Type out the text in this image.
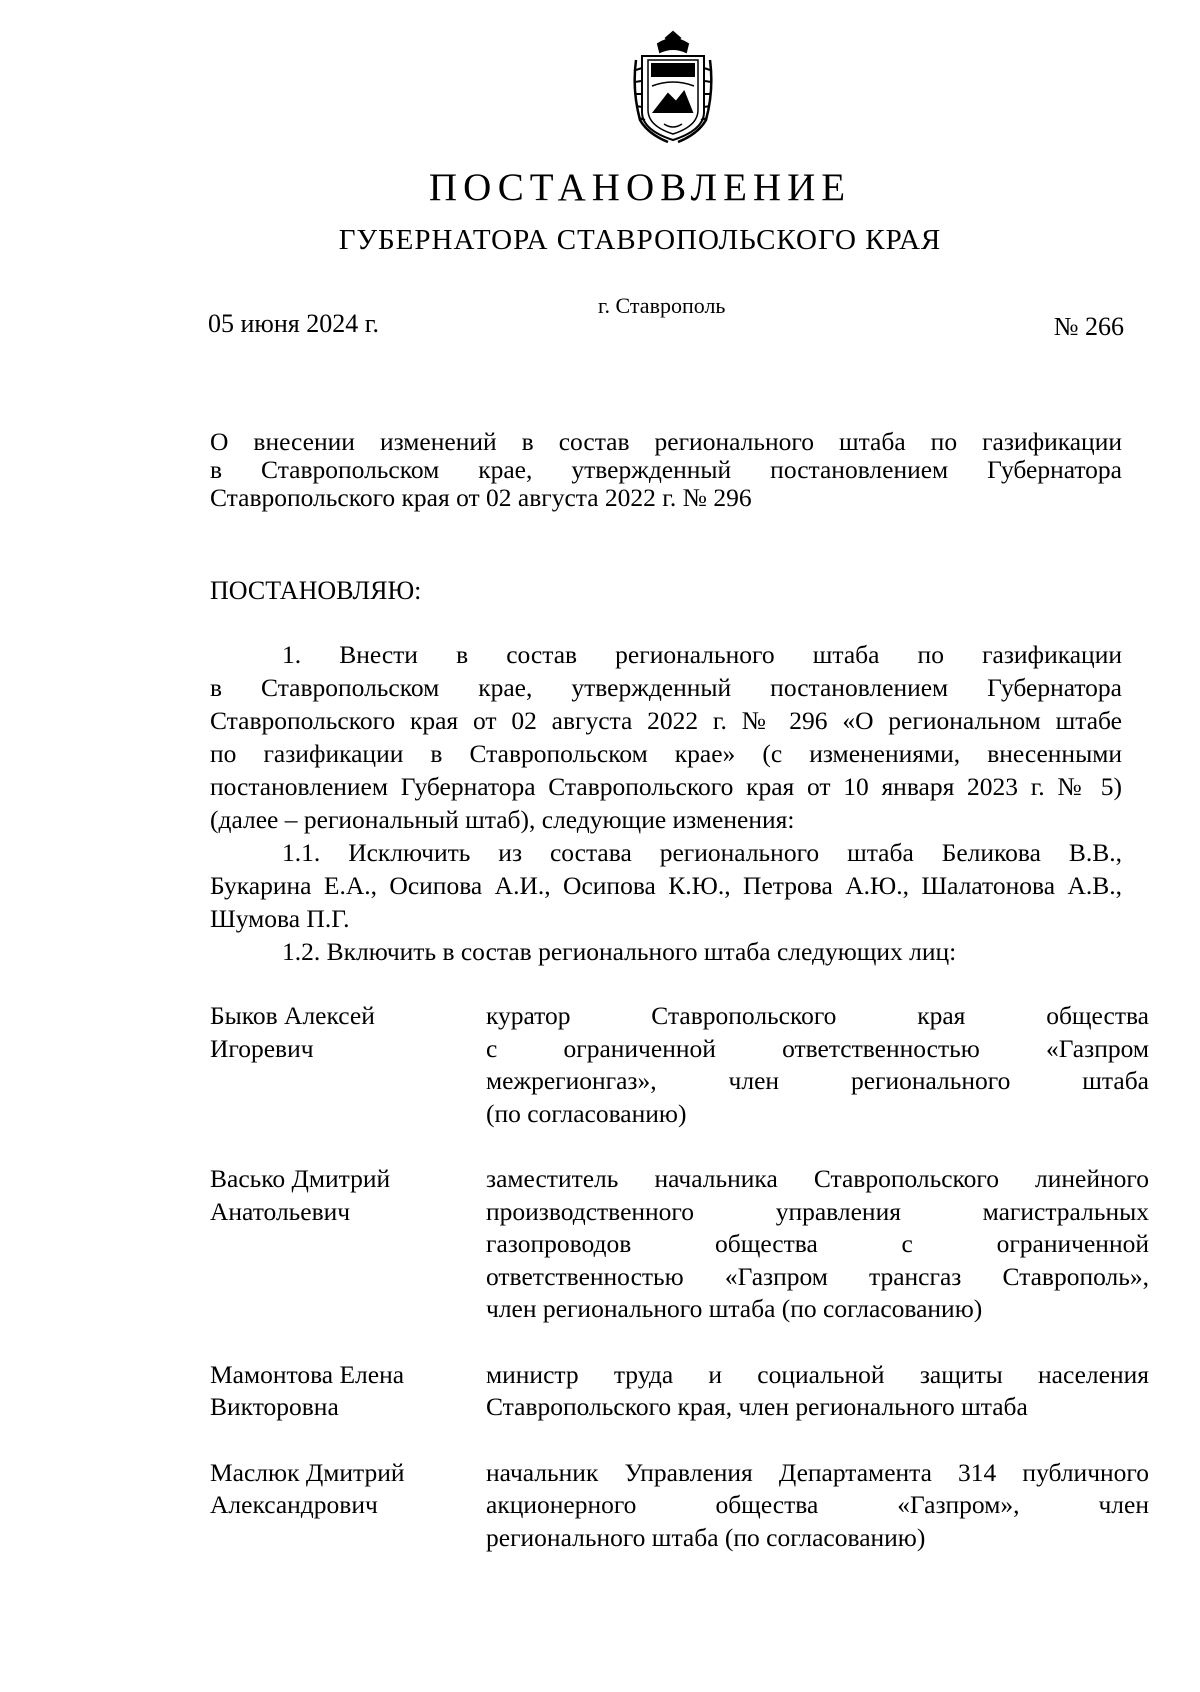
ПОСТАНОВЛЕНИЕ
ГУБЕРНАТОРА СТАВРОПОЛЬСКОГО КРАЯ
г. Ставрополь
05 июня 2024 г.	№ 266
О внесении изменений в состав регионального штаба по газификации
в Ставропольском крае, утвержденный постановлением Губернатора
Ставропольского края от 02 августа 2022 г. № 296
ПОСТАНОВЛЯЮ:
1. Внести в состав регионального штаба по газификации
в Ставропольском крае, утвержденный постановлением Губернатора
Ставропольского края от 02 августа 2022 г. № 296 «О региональном штабе
по газификации в Ставропольском крае» (с изменениями, внесенными
постановлением Губернатора Ставропольского края от 10 января 2023 г. № 5)
(далее – региональный штаб), следующие изменения:
1.1. Исключить из состава регионального штаба Беликова В.В.,
Букарина Е.А., Осипова А.И., Осипова К.Ю., Петрова А.Ю., Шалатонова А.В.,
Шумова П.Г.
1.2. Включить в состав регионального штаба следующих лиц:
Быков Алексей
Игоревич
куратор Ставропольского края общества
с ограниченной ответственностью «Газпром
межрегионгаз», член регионального штаба
(по согласованию)
Васько Дмитрий
Анатольевич
заместитель начальника Ставропольского линейного
производственного управления магистральных
газопроводов общества с ограниченной
ответственностью «Газпром трансгаз Ставрополь»,
член регионального штаба (по согласованию)
Мамонтова Елена
Викторовна
министр труда и социальной защиты населения
Ставропольского края, член регионального штаба
Маслюк Дмитрий
Александрович
начальник Управления Департамента 314 публичного
акционерного общества «Газпром», член
регионального штаба (по согласованию)
